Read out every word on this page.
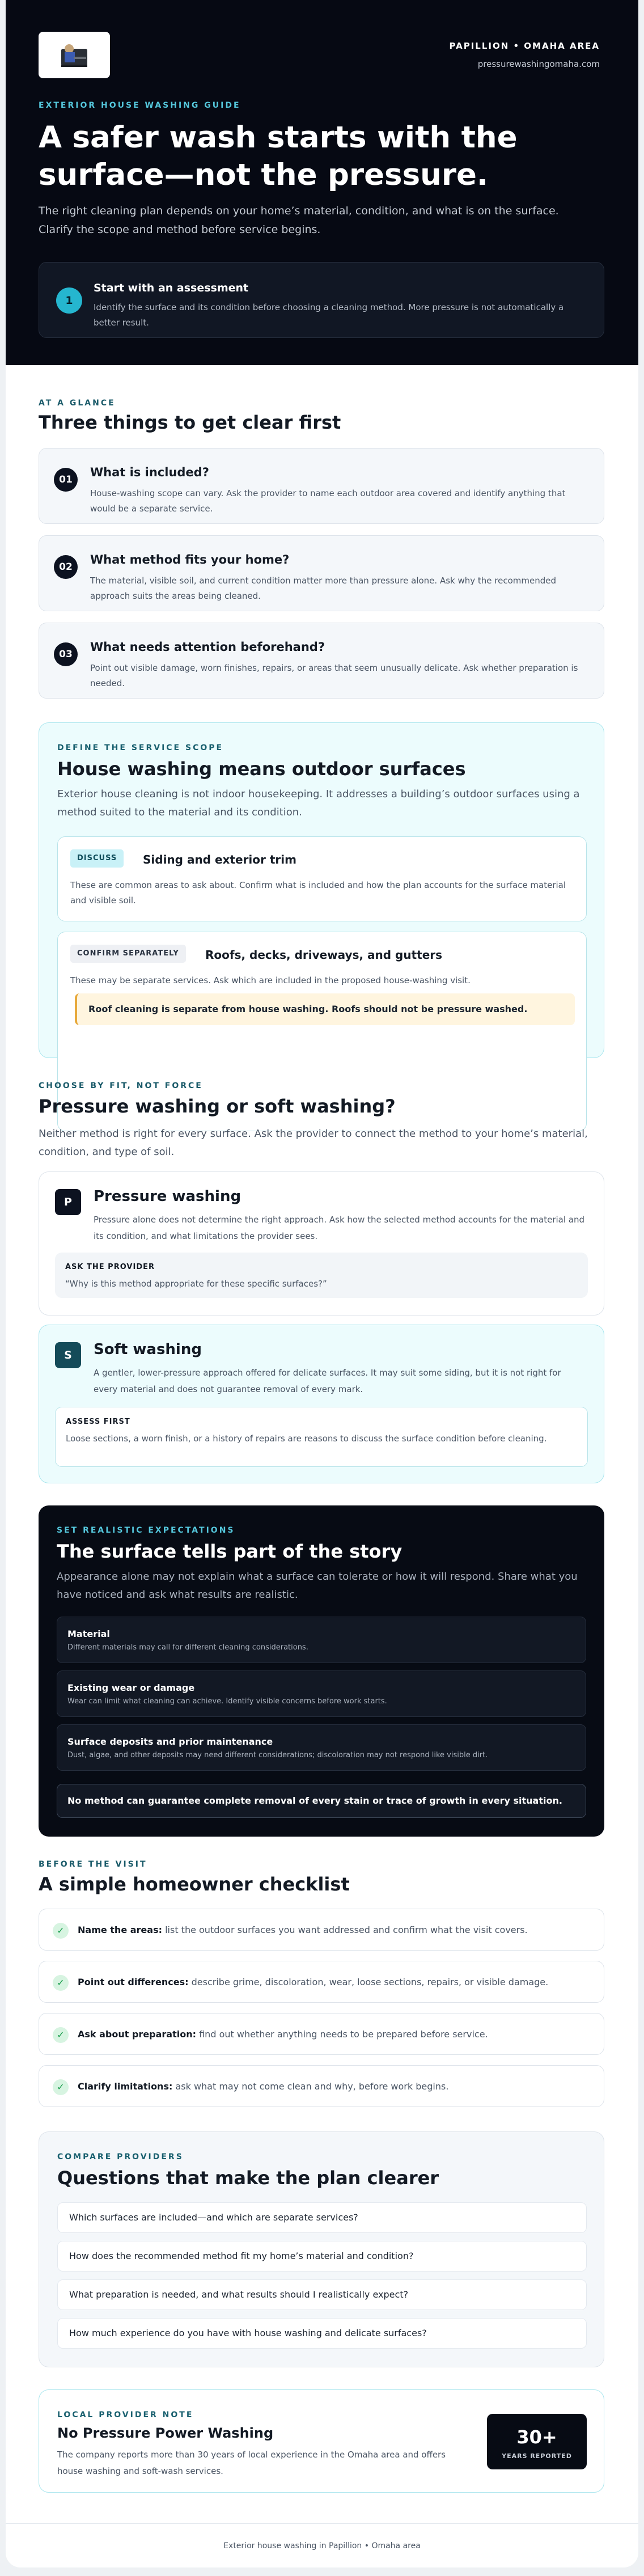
PAPILLION • OMAHA AREA
pressurewashingomaha.com
EXTERIOR HOUSE WASHING GUIDE
A safer wash starts with the surface—not the pressure.
The right cleaning plan depends on your home’s material, condition, and what is on the surface. Clarify the scope and method before service begins.
1
Start with an assessment
Identify the surface and its condition before choosing a cleaning method. More pressure is not automatically a better result.
AT A GLANCE
Three things to get clear first
01
What is included?
House-washing scope can vary. Ask the provider to name each outdoor area covered and identify anything that would be a separate service.
02
What method fits your home?
The material, visible soil, and current condition matter more than pressure alone. Ask why the recommended approach suits the areas being cleaned.
03
What needs attention beforehand?
Point out visible damage, worn finishes, repairs, or areas that seem unusually delicate. Ask whether preparation is needed.
DEFINE THE SERVICE SCOPE
House washing means outdoor surfaces
Exterior house cleaning is not indoor housekeeping. It addresses a building’s outdoor surfaces using a method suited to the material and its condition.
DISCUSS	Siding and exterior trim
These are common areas to ask about. Confirm what is included and how the plan accounts for the surface material and visible soil.
CONFIRM SEPARATELY	Roofs, decks, driveways, and gutters
These may be separate services. Ask which are included in the proposed house-washing visit.
Roof cleaning is separate from house washing. Roofs should not be pressure washed.
CHOOSE BY FIT, NOT FORCE
Pressure washing or soft washing?
Neither method is right for every surface. Ask the provider to connect the method to your home’s material, condition, and type of soil.
P	Pressure washing
Pressure alone does not determine the right approach. Ask how the selected method accounts for the material and its condition, and what limitations the provider sees.
ASK THE PROVIDER
“Why is this method appropriate for these specific surfaces?”
S	Soft washing
A gentler, lower-pressure approach offered for delicate surfaces. It may suit some siding, but it is not right for every material and does not guarantee removal of every mark.
ASSESS FIRST
Loose sections, a worn finish, or a history of repairs are reasons to discuss the surface condition before cleaning.
SET REALISTIC EXPECTATIONS
The surface tells part of the story
Appearance alone may not explain what a surface can tolerate or how it will respond. Share what you have noticed and ask what results are realistic.
Material
Different materials may call for different cleaning considerations.
Existing wear or damage
Wear can limit what cleaning can achieve. Identify visible concerns before work starts.
Surface deposits and prior maintenance
Dust, algae, and other deposits may need different considerations; discoloration may not respond like visible dirt.
No method can guarantee complete removal of every stain or trace of growth in every situation.
BEFORE THE VISIT
A simple homeowner checklist
✓	Name the areas: list the outdoor surfaces you want addressed and confirm what the visit covers.
✓	Point out differences: describe grime, discoloration, wear, loose sections, repairs, or visible damage.
✓	Ask about preparation: find out whether anything needs to be prepared before service.
✓	Clarify limitations: ask what may not come clean and why, before work begins.
COMPARE PROVIDERS
Questions that make the plan clearer
Which surfaces are included—and which are separate services?
How does the recommended method fit my home’s material and condition?
What preparation is needed, and what results should I realistically expect?
How much experience do you have with house washing and delicate surfaces?
LOCAL PROVIDER NOTE
No Pressure Power Washing
The company reports more than 30 years of local experience in the Omaha area and offers house washing and soft-wash services.
30+
YEARS REPORTED
Exterior house washing in Papillion • Omaha area
